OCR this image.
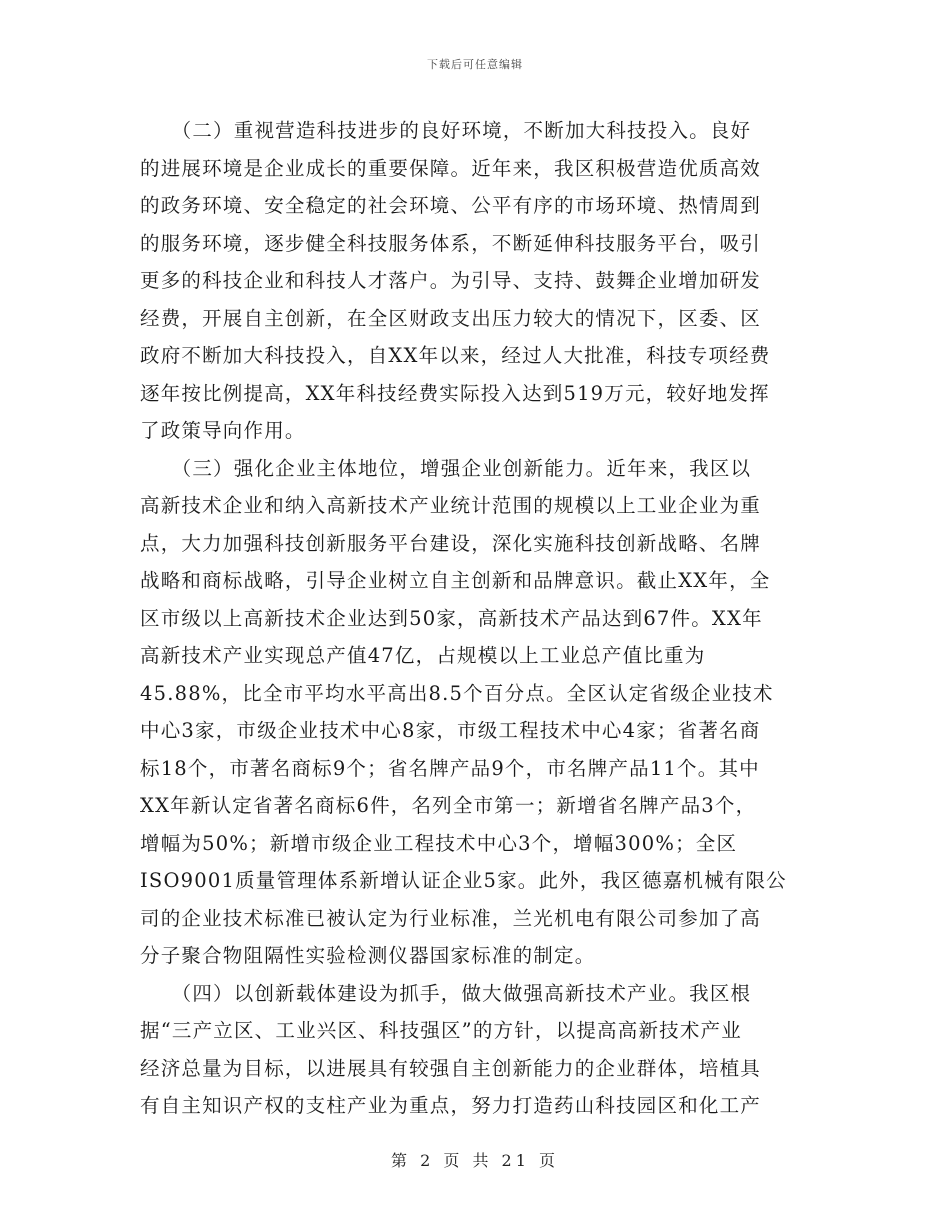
下载后可任意编辑

　　（二）重视营造科技进步的良好环境，不断加大科技投入。良好
的进展环境是企业成长的重要保障。近年来，我区积极营造优质高效
的政务环境、安全稳定的社会环境、公平有序的市场环境、热情周到
的服务环境，逐步健全科技服务体系，不断延伸科技服务平台，吸引
更多的科技企业和科技人才落户。为引导、支持、鼓舞企业增加研发
经费，开展自主创新，在全区财政支出压力较大的情况下，区委、区
政府不断加大科技投入，自XX年以来，经过人大批准，科技专项经费
逐年按比例提高，XX年科技经费实际投入达到519万元，较好地发挥
了政策导向作用。

　　（三）强化企业主体地位，增强企业创新能力。近年来，我区以
高新技术企业和纳入高新技术产业统计范围的规模以上工业企业为重
点，大力加强科技创新服务平台建设，深化实施科技创新战略、名牌
战略和商标战略，引导企业树立自主创新和品牌意识。截止XX年，全
区市级以上高新技术企业达到50家，高新技术产品达到67件。XX年
高新技术产业实现总产值47亿，占规模以上工业总产值比重为
45.88%，比全市平均水平高出8.5个百分点。全区认定省级企业技术
中心3家，市级企业技术中心8家，市级工程技术中心4家；省著名商
标18个，市著名商标9个；省名牌产品9个，市名牌产品11个。其中
XX年新认定省著名商标6件，名列全市第一；新增省名牌产品3个，
增幅为50%；新增市级企业工程技术中心3个，增幅300%；全区
ISO9001质量管理体系新增认证企业5家。此外，我区德嘉机械有限公
司的企业技术标准已被认定为行业标准，兰光机电有限公司参加了高
分子聚合物阻隔性实验检测仪器国家标准的制定。

　　（四）以创新载体建设为抓手，做大做强高新技术产业。我区根
据“三产立区、工业兴区、科技强区”的方针，以提高高新技术产业
经济总量为目标，以进展具有较强自主创新能力的企业群体，培植具
有自主知识产权的支柱产业为重点，努力打造药山科技园区和化工产

第 2 页 共 21 页
